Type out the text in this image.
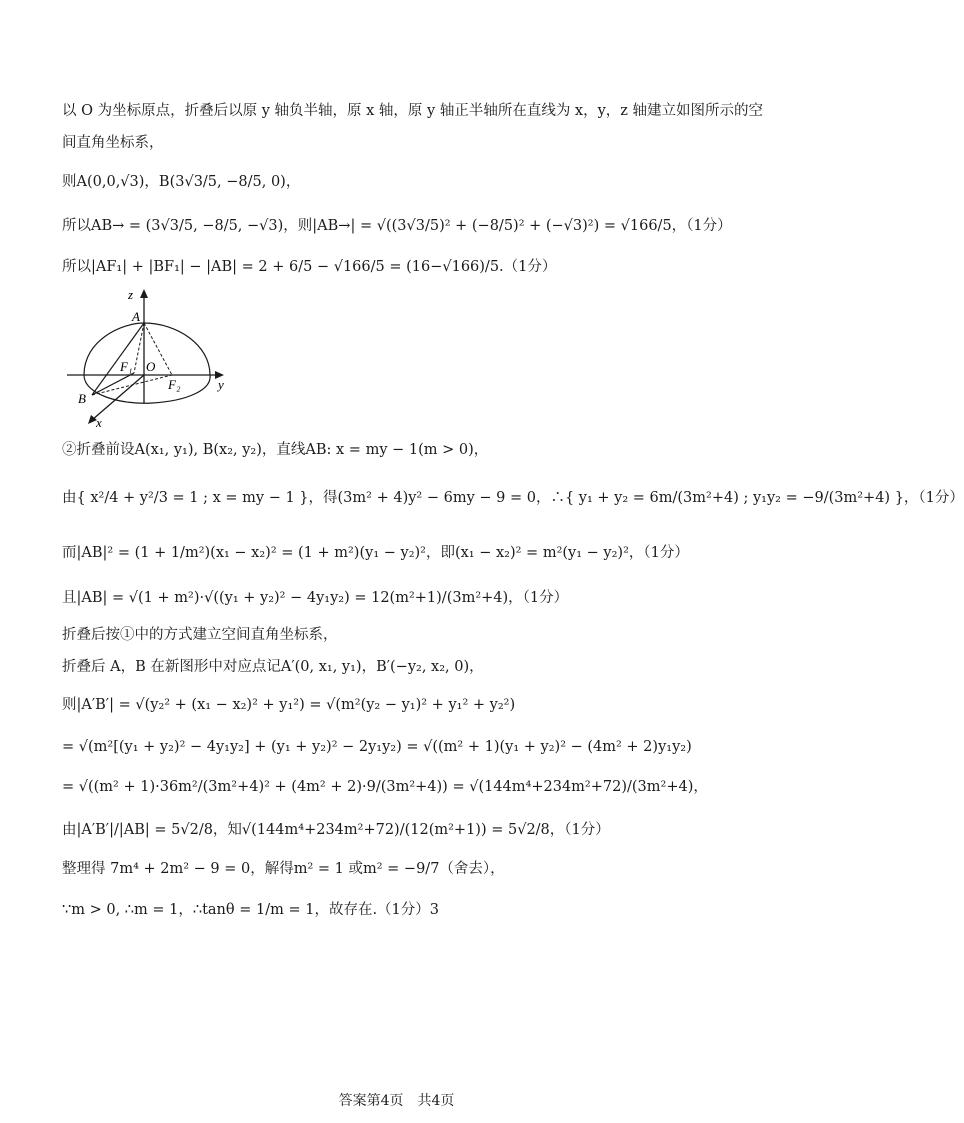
以 O 为坐标原点，折叠后以原 y 轴负半轴，原 x 轴，原 y 轴正半轴所在直线为 x，y，z 轴建立如图所示的空
间直角坐标系，
则A(0,0,√3)，B(3√3/5, −8/5, 0)，
所以AB→ = (3√3/5, −8/5, −√3)，则|AB→| = √((3√3/5)² + (−8/5)² + (−√3)²) = √166/5，（1分）
所以|AF₁| + |BF₁| − |AB| = 2 + 6/5 − √166/5 = (16−√166)/5.（1分）
z
A
F₁ O
F₂	y
B
x
②折叠前设A(x₁, y₁), B(x₂, y₂)，直线AB: x = my − 1(m > 0)，
由{ x²/4 + y²/3 = 1 ; x = my − 1 }，得(3m² + 4)y² − 6my − 9 = 0，∴{ y₁ + y₂ = 6m/(3m²+4) ; y₁y₂ = −9/(3m²+4) }，（1分）
而|AB|² = (1 + 1/m²)(x₁ − x₂)² = (1 + m²)(y₁ − y₂)²，即(x₁ − x₂)² = m²(y₁ − y₂)²，（1分）
且|AB| = √(1 + m²)·√((y₁ + y₂)² − 4y₁y₂) = 12(m²+1)/(3m²+4)，（1分）
折叠后按①中的方式建立空间直角坐标系，
折叠后 A，B 在新图形中对应点记A′(0, x₁, y₁)，B′(−y₂, x₂, 0)，
则|A′B′| = √(y₂² + (x₁ − x₂)² + y₁²) = √(m²(y₂ − y₁)² + y₁² + y₂²)
= √(m²[(y₁ + y₂)² − 4y₁y₂] + (y₁ + y₂)² − 2y₁y₂) = √((m² + 1)(y₁ + y₂)² − (4m² + 2)y₁y₂)
= √((m² + 1)·36m²/(3m²+4)² + (4m² + 2)·9/(3m²+4)) = √(144m⁴+234m²+72)/(3m²+4)，
由|A′B′|/|AB| = 5√2/8，知√(144m⁴+234m²+72)/(12(m²+1)) = 5√2/8，（1分）
整理得 7m⁴ + 2m² − 9 = 0，解得m² = 1 或m² = −9/7（舍去），
∵m > 0, ∴m = 1，∴tanθ = 1/m = 1，故存在.（1分）3
答案第4页　共4页
